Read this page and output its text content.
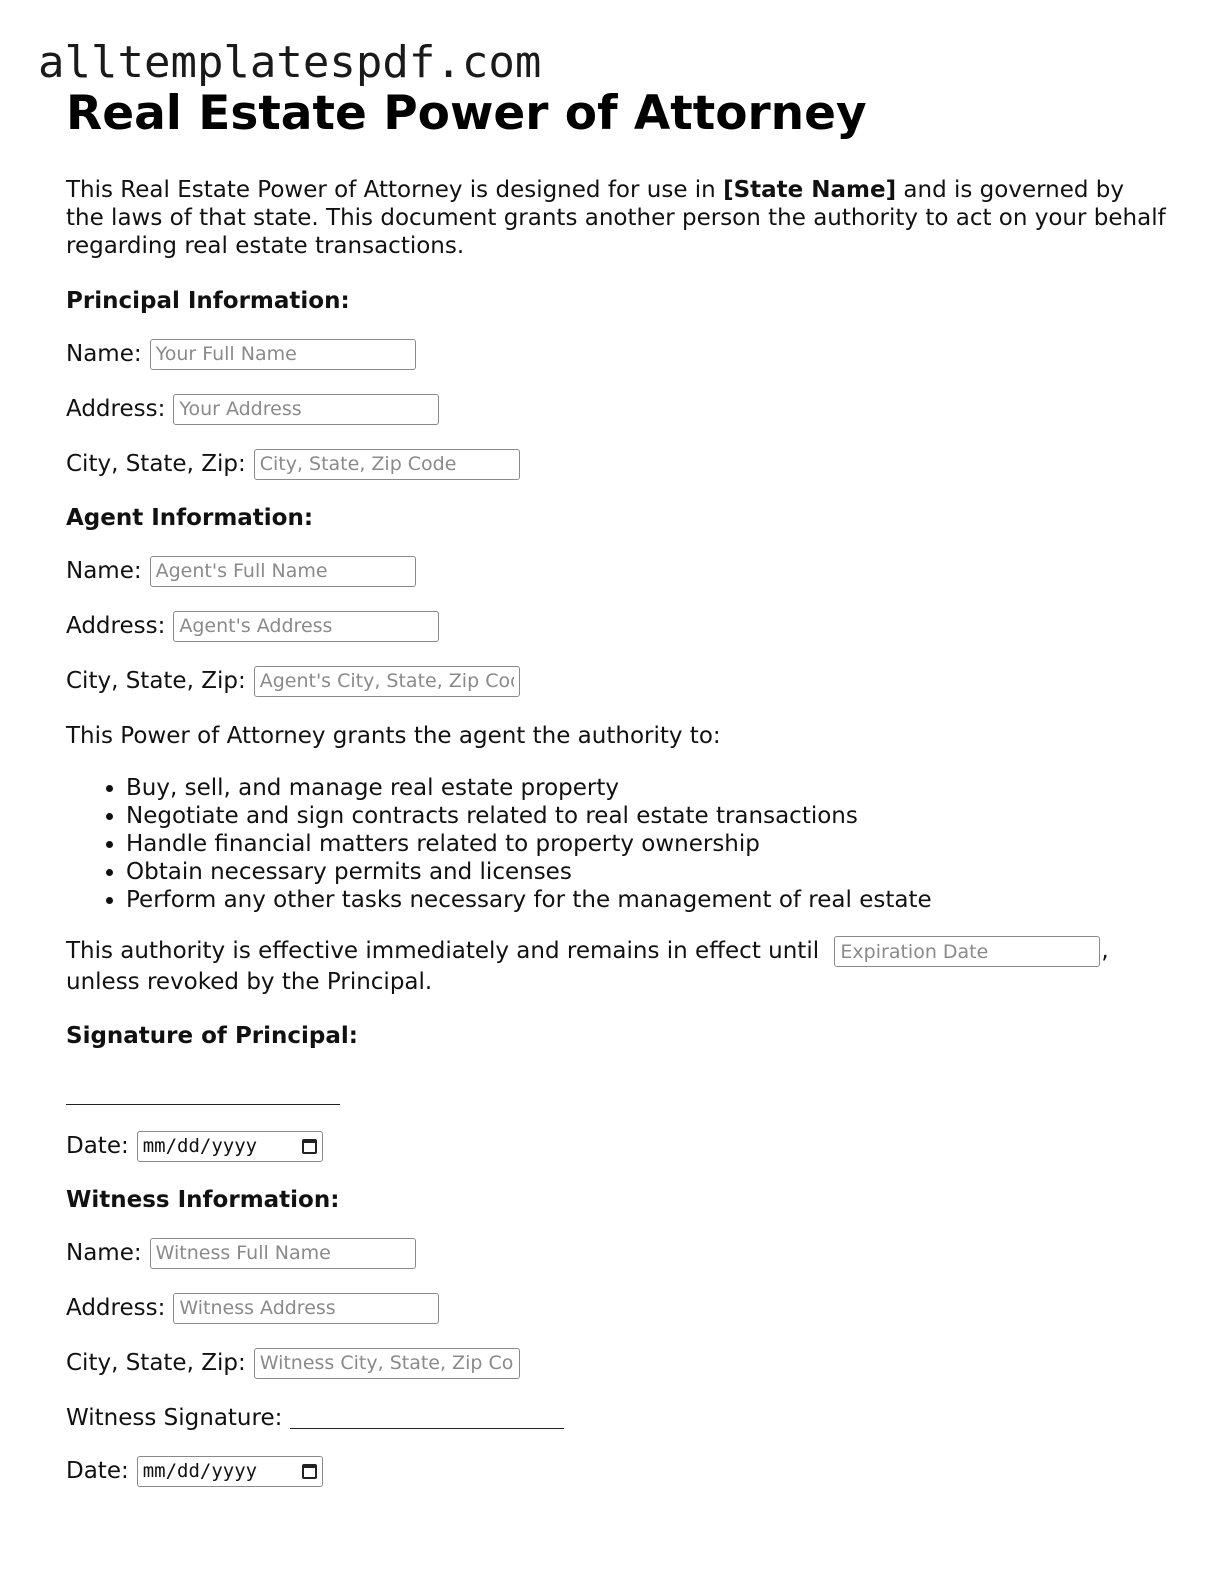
alltemplatespdf.com
Real Estate Power of Attorney

This Real Estate Power of Attorney is designed for use in [State Name] and is governed by the laws of that state. This document grants another person the authority to act on your behalf regarding real estate transactions.

Principal Information:
Name:
Your Full Name
Address:
Your Address
City, State, Zip:
City, State, Zip Code
Agent Information:
Name:
Agent's Full Name
Address:
Agent's Address
City, State, Zip:
Agent's City, State, Zip Code

This Power of Attorney grants the agent the authority to:

• Buy, sell, and manage real estate property
• Negotiate and sign contracts related to real estate transactions
• Handle financial matters related to property ownership
• Obtain necessary permits and licenses
• Perform any other tasks necessary for the management of real estate

This authority is effective immediately and remains in effect until Expiration Date	, unless revoked by the Principal.

Signature of Principal:
Date: mm/dd/yyyy
Witness Information:
Name:
Witness Full Name
Address:
Witness Address
City, State, Zip:
Witness City, State, Zip Code
Witness Signature:
Date: mm/dd/yyyy
